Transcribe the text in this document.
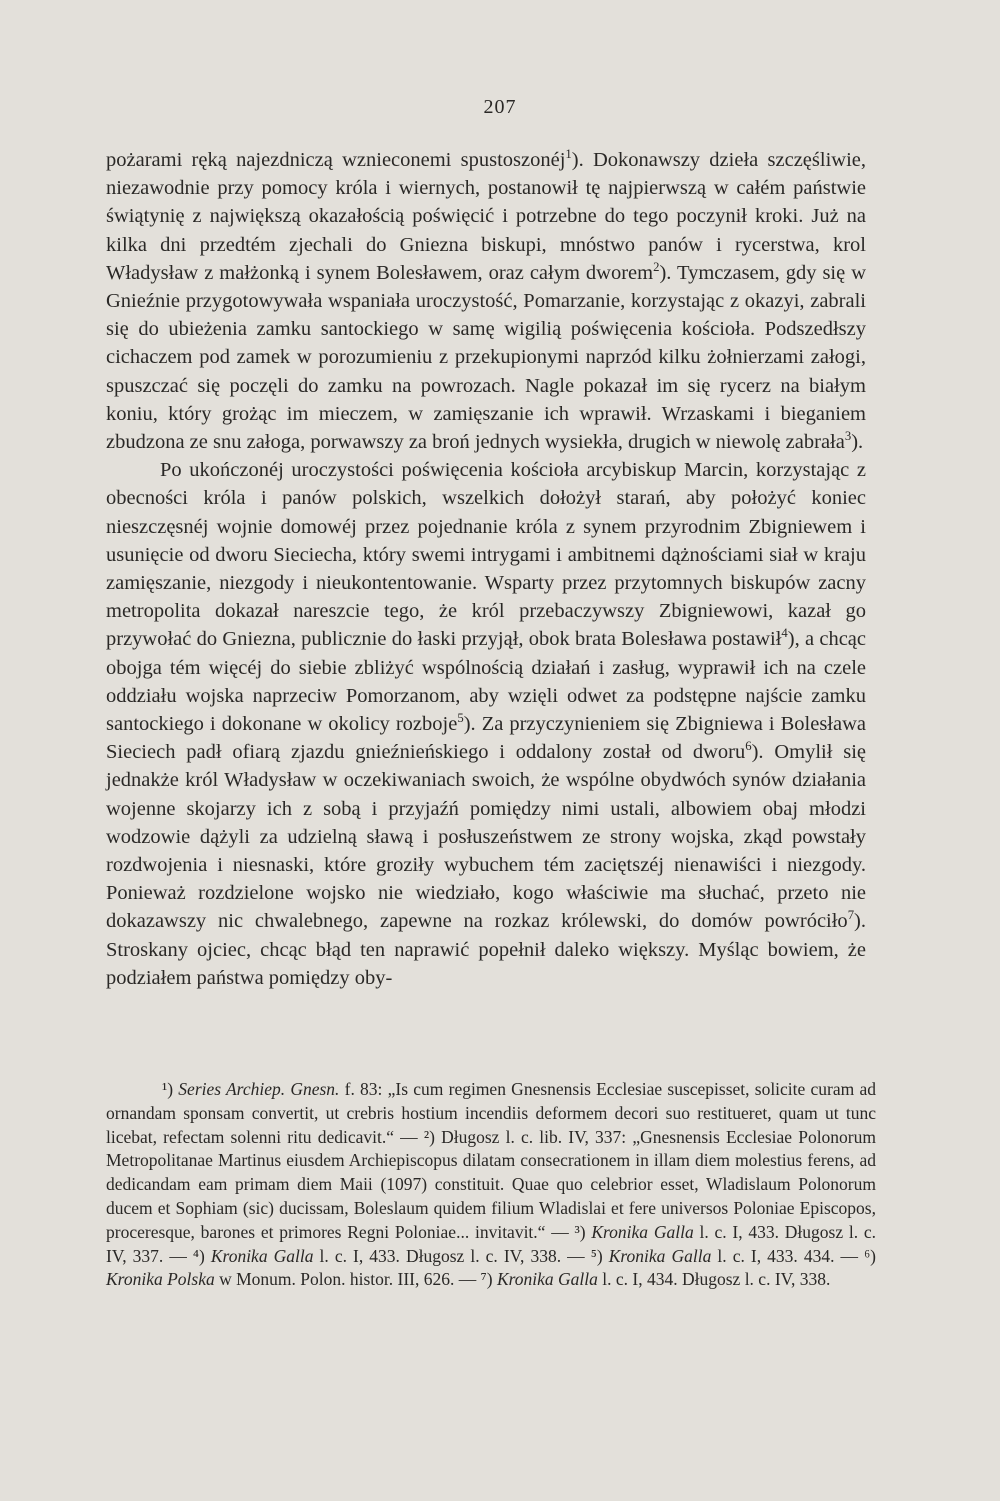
207

pożarami ręką najezdniczą wznieconemi spustoszonéj$^1$). Dokonawszy dzieła szczęśliwie, niezawodnie przy pomocy króla i wiernych, postanowił tę najpierwszą w całém państwie świątynię z największą okazałością poświęcić i potrzebne do tego poczynił kroki. Już na kilka dni przedtém zjechali do Gniezna biskupi, mnóstwo panów i rycerstwa, krol Władysław z małżonką i synem Bolesławem, oraz całym dworem$^2$). Tymczasem, gdy się w Gnieźnie przygotowywała wspaniała uroczystość, Pomarzanie, korzystając z okazyi, zabrali się do ubieżenia zamku santockiego w samę wigilią poświęcenia kościoła. Podszedłszy cichaczem pod zamek w porozumieniu z przekupionymi naprzód kilku żołnierzami załogi, spuszczać się poczęli do zamku na powrozach. Nagle pokazał im się rycerz na białym koniu, który grożąc im mieczem, w zamięszanie ich wprawił. Wrzaskami i bieganiem zbudzona ze snu załoga, porwawszy za broń jednych wysiekła, drugich w niewolę zabrała$^3$).

Po ukończonéj uroczystości poświęcenia kościoła arcybiskup Marcin, korzystając z obecności króla i panów polskich, wszelkich dołożył starań, aby położyć koniec nieszczęsnéj wojnie domowéj przez pojednanie króla z synem przyrodnim Zbigniewem i usunięcie od dworu Sieciecha, który swemi intrygami i ambitnemi dążnościami siał w kraju zamięszanie, niezgody i nieukontentowanie. Wsparty przez przytomnych biskupów zacny metropolita dokazał nareszcie tego, że król przebaczywszy Zbigniewowi, kazał go przywołać do Gniezna, publicznie do łaski przyjął, obok brata Bolesława postawił$^4$), a chcąc obojga tém więcéj do siebie zbliżyć wspólnością działań i zasług, wyprawił ich na czele oddziału wojska naprzeciw Pomorzanom, aby wzięli odwet za podstępne najście zamku santockiego i dokonane w okolicy rozboje$^5$). Za przyczynieniem się Zbigniewa i Bolesława Sieciech padł ofiarą zjazdu gnieźnieńskiego i oddalony został od dworu$^6$). Omylił się jednakże król Władysław w oczekiwaniach swoich, że wspólne obydwóch synów działania wojenne skojarzy ich z sobą i przyjaźń pomiędzy nimi ustali, albowiem obaj młodzi wodzowie dążyli za udzielną sławą i posłuszeństwem ze strony wojska, zkąd powstały rozdwojenia i niesnaski, które groziły wybuchem tém zaciętszéj nienawiści i niezgody. Ponieważ rozdzielone wojsko nie wiedziało, kogo właściwie ma słuchać, przeto nie dokazawszy nic chwalebnego, zapewne na rozkaz królewski, do domów powróciło$^7$). Stroskany ojciec, chcąc błąd ten naprawić popełnił daleko większy. Myśląc bowiem, że podziałem państwa pomiędzy oby-

¹) Series Archiep. Gnesn. f. 83: „Is cum regimen Gnesnensis Ecclesiae suscepisset, solicite curam ad ornandam sponsam convertit, ut crebris hostium incendiis deformem decori suo restitueret, quam ut tunc licebat, refectam solenni ritu dedicavit.“ — ²) Długosz l. c. lib. IV, 337: „Gnesnensis Ecclesiae Polonorum Metropolitanae Martinus eiusdem Archiepiscopus dilatam consecrationem in illam diem molestius ferens, ad dedicandam eam primam diem Maii (1097) constituit. Quae quo celebrior esset, Wladislaum Polonorum ducem et Sophiam (sic) ducissam, Boleslaum quidem filium Wladislai et fere universos Poloniae Episcopos, proceresque, barones et primores Regni Poloniae... invitavit.“ — ³) Kronika Galla l. c. I, 433. Długosz l. c. IV, 337. — ⁴) Kronika Galla l. c. I, 433. Długosz l. c. IV, 338. — ⁵) Kronika Galla l. c. I, 433. 434. — ⁶) Kronika Polska w Monum. Polon. histor. III, 626. — ⁷) Kronika Galla l. c. I, 434. Długosz l. c. IV, 338.
